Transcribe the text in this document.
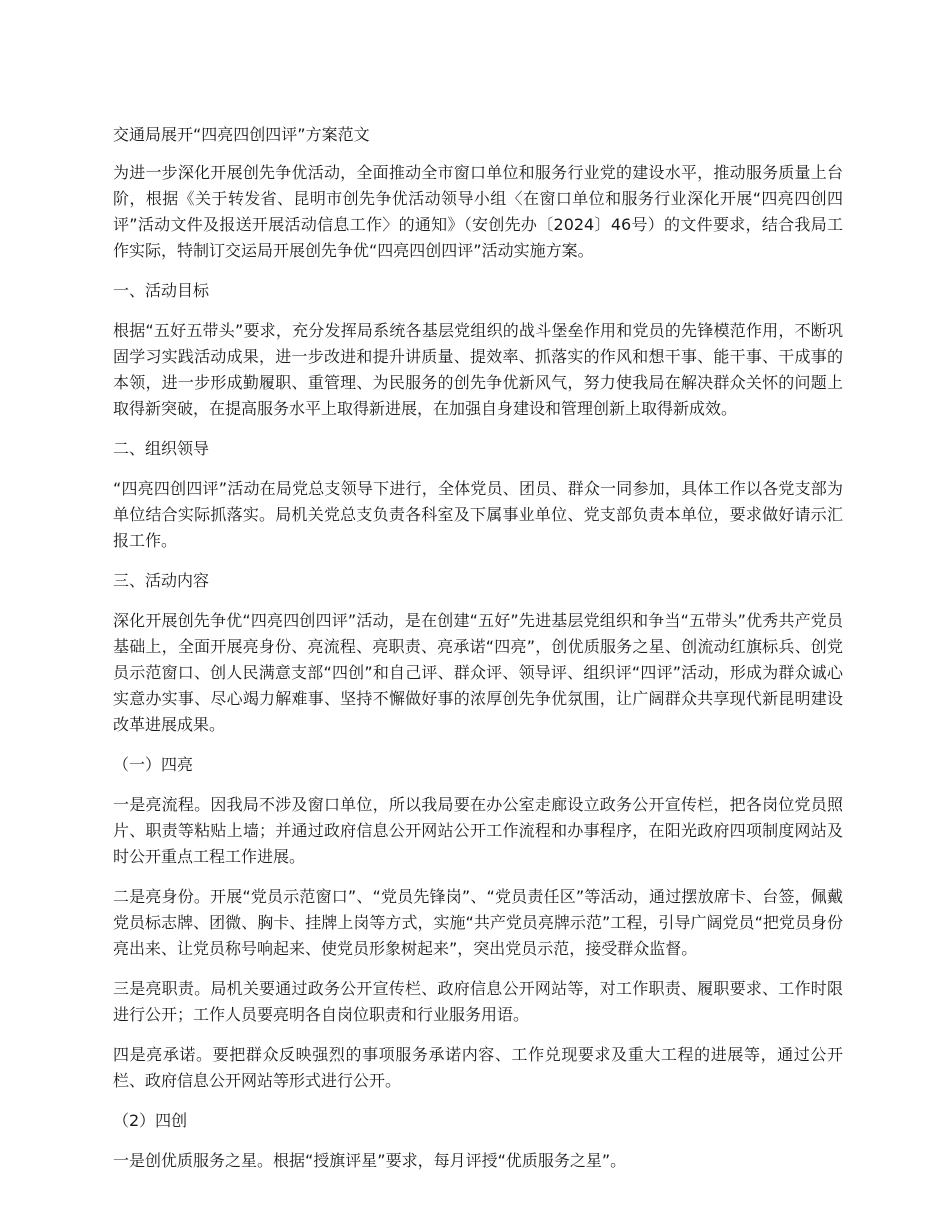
交通局展开“四亮四创四评”方案范文

为进一步深化开展创先争优活动，全面推动全市窗口单位和服务行业党的建设水平，推动服务质量上台阶，根据《关于转发省、昆明市创先争优活动领导小组〈在窗口单位和服务行业深化开展“四亮四创四评”活动文件及报送开展活动信息工作〉的通知》（安创先办〔2024〕46号）的文件要求，结合我局工作实际，特制订交运局开展创先争优“四亮四创四评”活动实施方案。

一、活动目标

根据“五好五带头”要求，充分发挥局系统各基层党组织的战斗堡垒作用和党员的先锋模范作用，不断巩固学习实践活动成果，进一步改进和提升讲质量、提效率、抓落实的作风和想干事、能干事、干成事的本领，进一步形成勤履职、重管理、为民服务的创先争优新风气，努力使我局在解决群众关怀的问题上取得新突破，在提高服务水平上取得新进展，在加强自身建设和管理创新上取得新成效。

二、组织领导

“四亮四创四评”活动在局党总支领导下进行，全体党员、团员、群众一同参加，具体工作以各党支部为单位结合实际抓落实。局机关党总支负责各科室及下属事业单位、党支部负责本单位，要求做好请示汇报工作。

三、活动内容

深化开展创先争优“四亮四创四评”活动，是在创建“五好”先进基层党组织和争当“五带头”优秀共产党员基础上，全面开展亮身份、亮流程、亮职责、亮承诺“四亮”，创优质服务之星、创流动红旗标兵、创党员示范窗口、创人民满意支部“四创”和自己评、群众评、领导评、组织评“四评”活动，形成为群众诚心实意办实事、尽心竭力解难事、坚持不懈做好事的浓厚创先争优氛围，让广阔群众共享现代新昆明建设改革进展成果。

（一）四亮

一是亮流程。因我局不涉及窗口单位，所以我局要在办公室走廊设立政务公开宣传栏，把各岗位党员照片、职责等粘贴上墙；并通过政府信息公开网站公开工作流程和办事程序，在阳光政府四项制度网站及时公开重点工程工作进展。

二是亮身份。开展“党员示范窗口”、“党员先锋岗”、“党员责任区”等活动，通过摆放席卡、台签，佩戴党员标志牌、团微、胸卡、挂牌上岗等方式，实施“共产党员亮牌示范”工程，引导广阔党员“把党员身份亮出来、让党员称号响起来、使党员形象树起来”，突出党员示范，接受群众监督。

三是亮职责。局机关要通过政务公开宣传栏、政府信息公开网站等，对工作职责、履职要求、工作时限进行公开；工作人员要亮明各自岗位职责和行业服务用语。

四是亮承诺。要把群众反映强烈的事项服务承诺内容、工作兑现要求及重大工程的进展等，通过公开栏、政府信息公开网站等形式进行公开。

（2）四创

一是创优质服务之星。根据“授旗评星”要求，每月评授“优质服务之星”。
